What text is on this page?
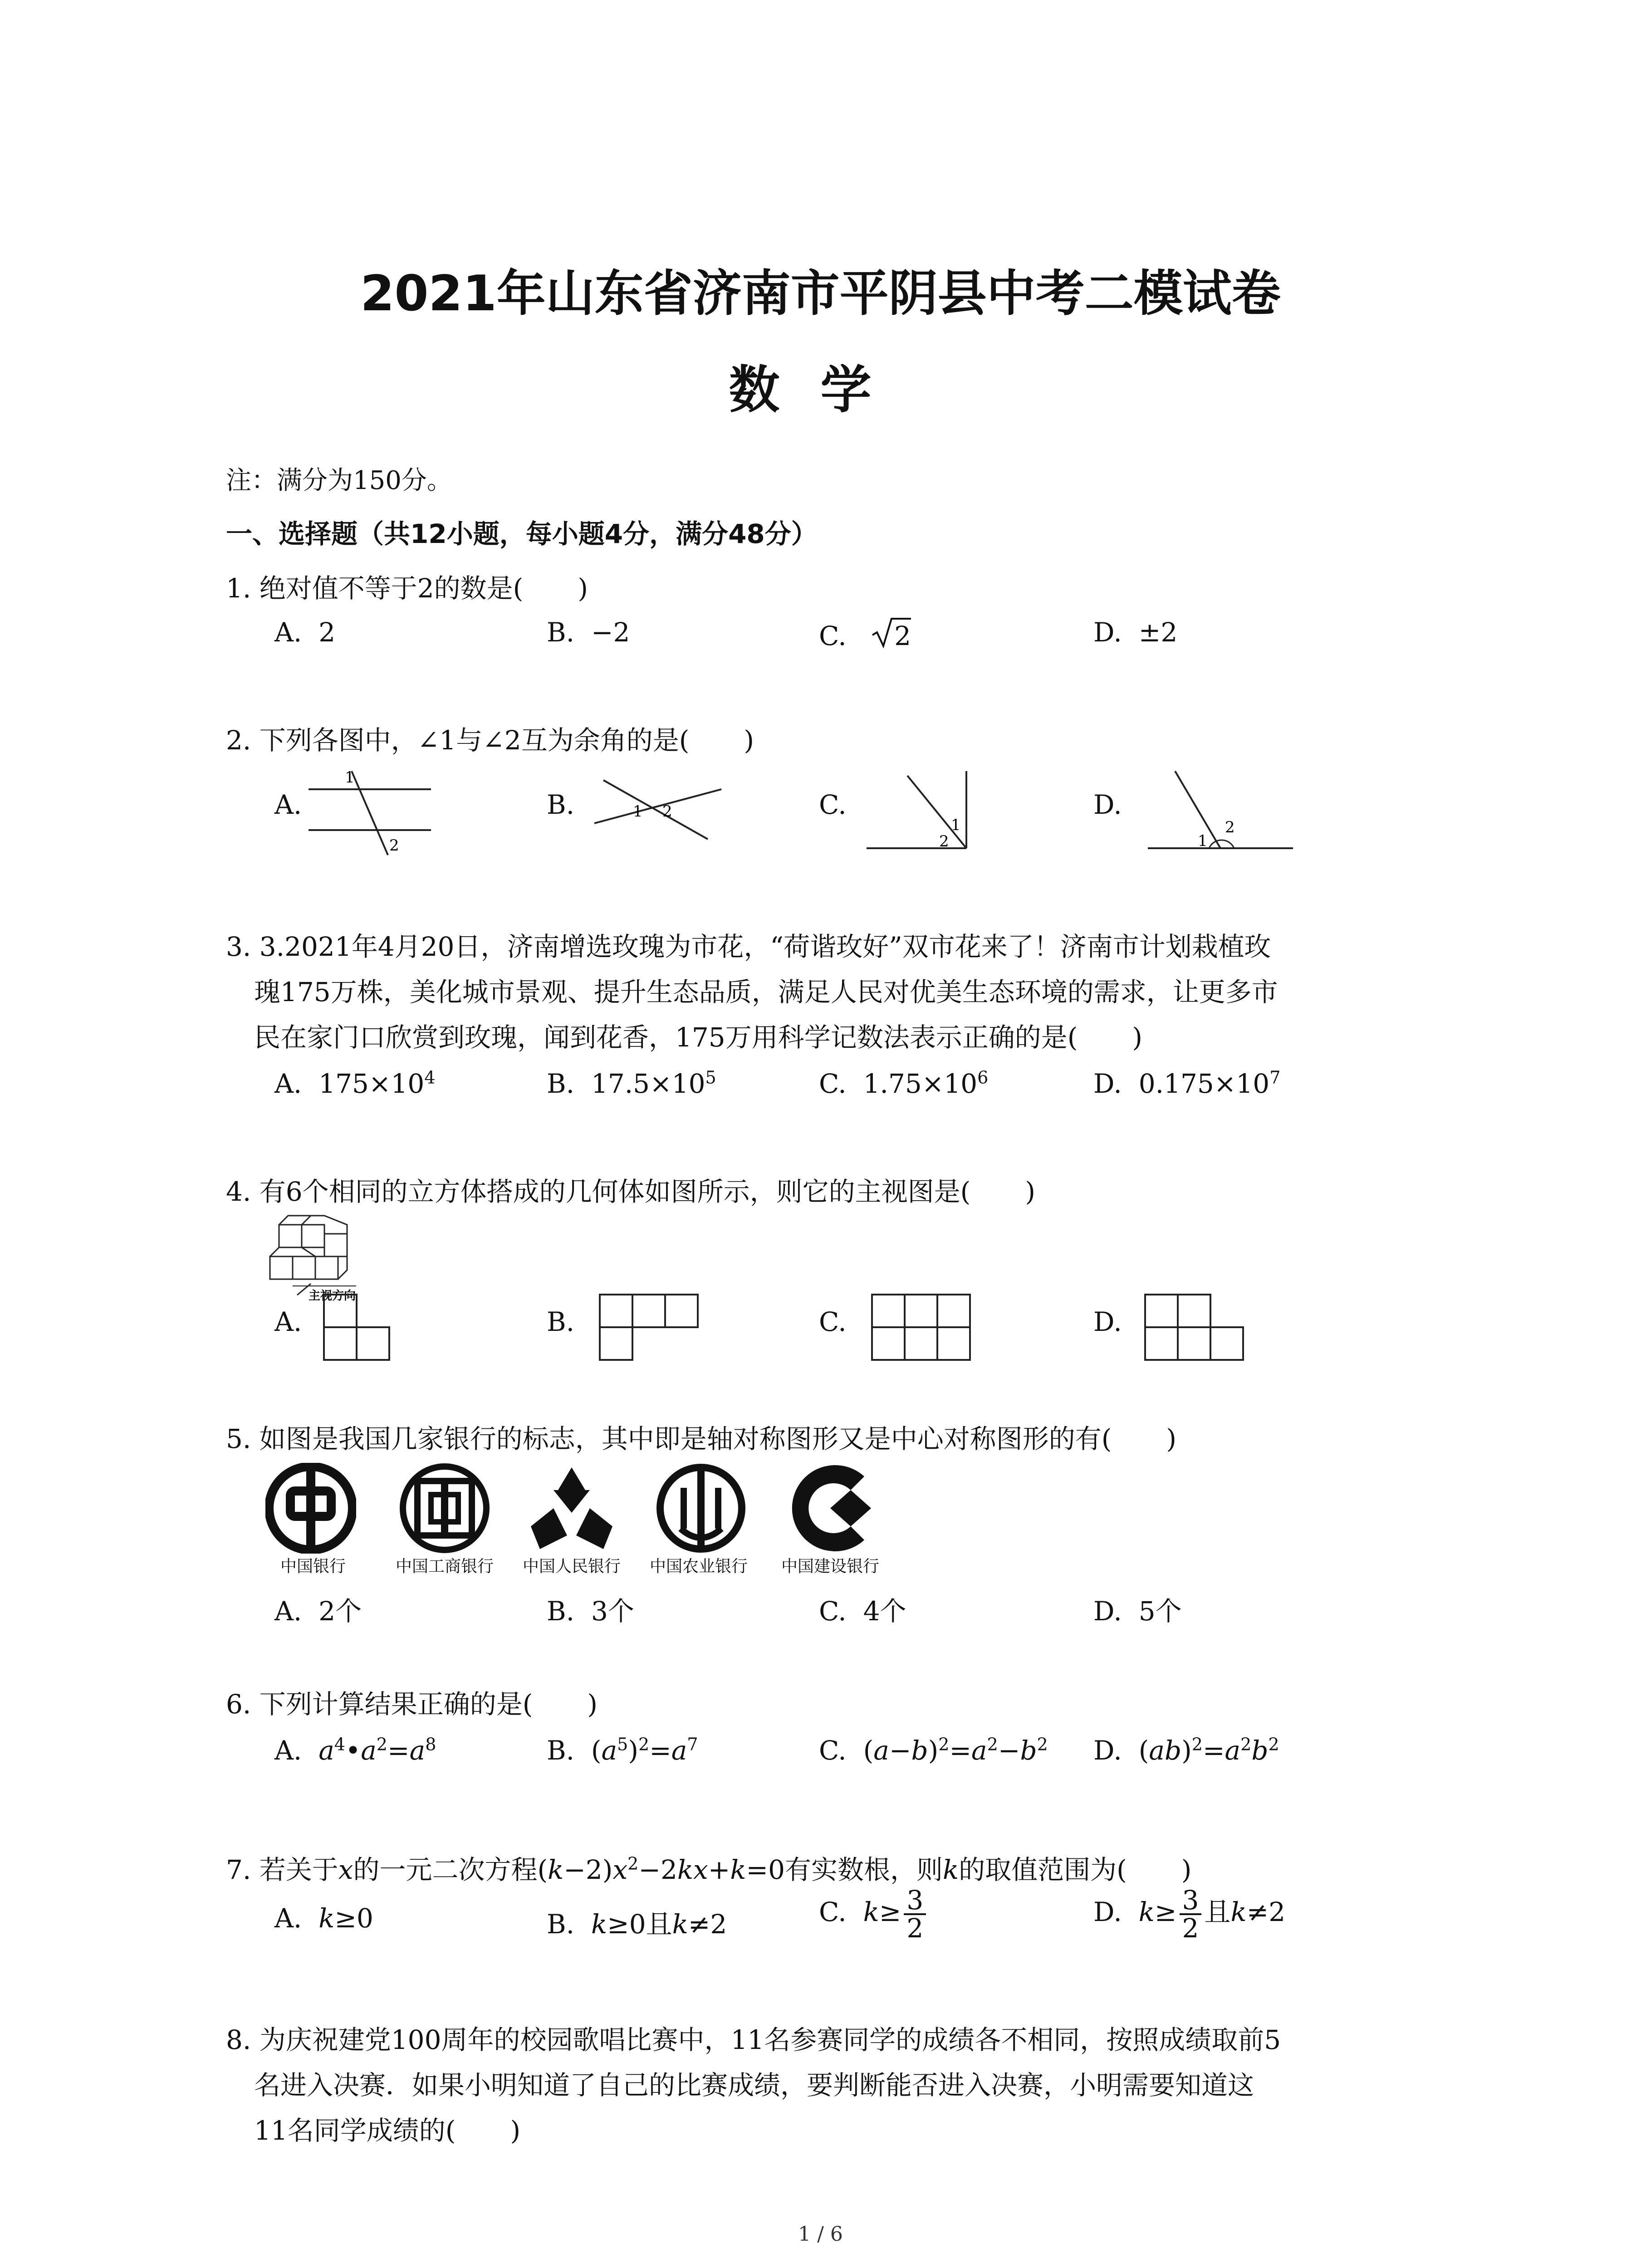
2021年山东省济南市平阴县中考二模试卷
数学
注：满分为150分。
一、选择题（共12小题，每小题4分，满分48分）
1. 绝对值不等于2的数是( )
A. 2	B. −2	C. 2	D. ±2
2. 下列各图中，∠1与∠2互为余角的是( )
A.	B.	C.	D.
1
2
1 2
1
2	1
2
3. 3.2021年4月20日，济南增选玫瑰为市花，“荷谐玫好”双市花来了！济南市计划栽植玫
瑰175万株，美化城市景观、提升生态品质，满足人民对优美生态环境的需求，让更多市
民在家门口欣赏到玫瑰，闻到花香，175万用科学记数法表示正确的是( )
A. $175\times 10^4$	B. $17.5\times 10^5$	C. $1.75\times 10^6$	D. $0.175\times 10^7$
4. 有6个相同的立方体搭成的几何体如图所示，则它的主视图是( )
主视方向
A.	B.	C.	D.
5. 如图是我国几家银行的标志，其中即是轴对称图形又是中心对称图形的有( )
中国银行	中国工商银行	中国人民银行	中国农业银行	中国建设银行
A. 2个	B. 3个	C. 4个	D. 5个
6. 下列计算结果正确的是( )
A. $a^4•a^2=a^8$	B.  $(a^5)^2=a^7$	C.  $(a-b)^2=a^2-b^2$ D.  $(ab)^2=a^2b^2$
7. 若关于x的一元二次方程$(k-2)x^2-2kx+k=0$有实数根，则k的取值范围为( )
A. k≥0	B. k≥0且k≠2	C. $k\ge \frac{3}{2}$	D. $k\ge \frac{3}{2}$ 且k≠2
8. 为庆祝建党100周年的校园歌唱比赛中，11名参赛同学的成绩各不相同，按照成绩取前5
名进入决赛．如果小明知道了自己的比赛成绩，要判断能否进入决赛，小明需要知道这
11名同学成绩的( )
1 / 6
